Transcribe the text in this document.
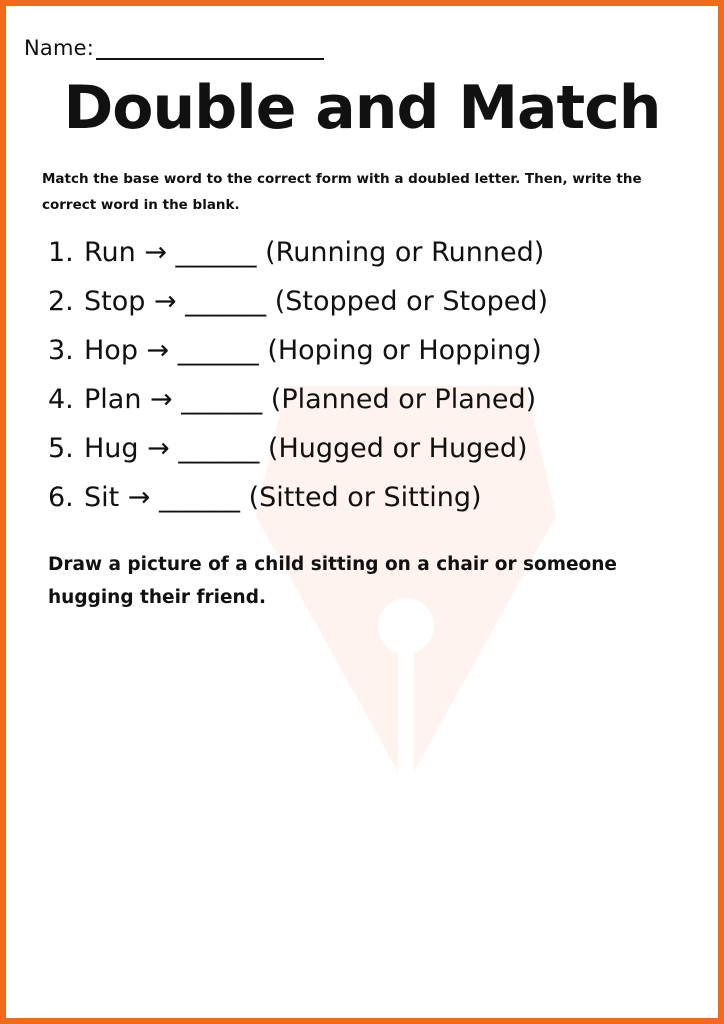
Name:
Double and Match
Match the base word to the correct form with a doubled letter. Then, write the correct word in the blank.
1. Run → ______ (Running or Runned)
2. Stop → ______ (Stopped or Stoped)
3. Hop → ______ (Hoping or Hopping)
4. Plan → ______ (Planned or Planed)
5. Hug → ______ (Hugged or Huged)
6. Sit → ______ (Sitted or Sitting)
Draw a picture of a child sitting on a chair or someone hugging their friend.
